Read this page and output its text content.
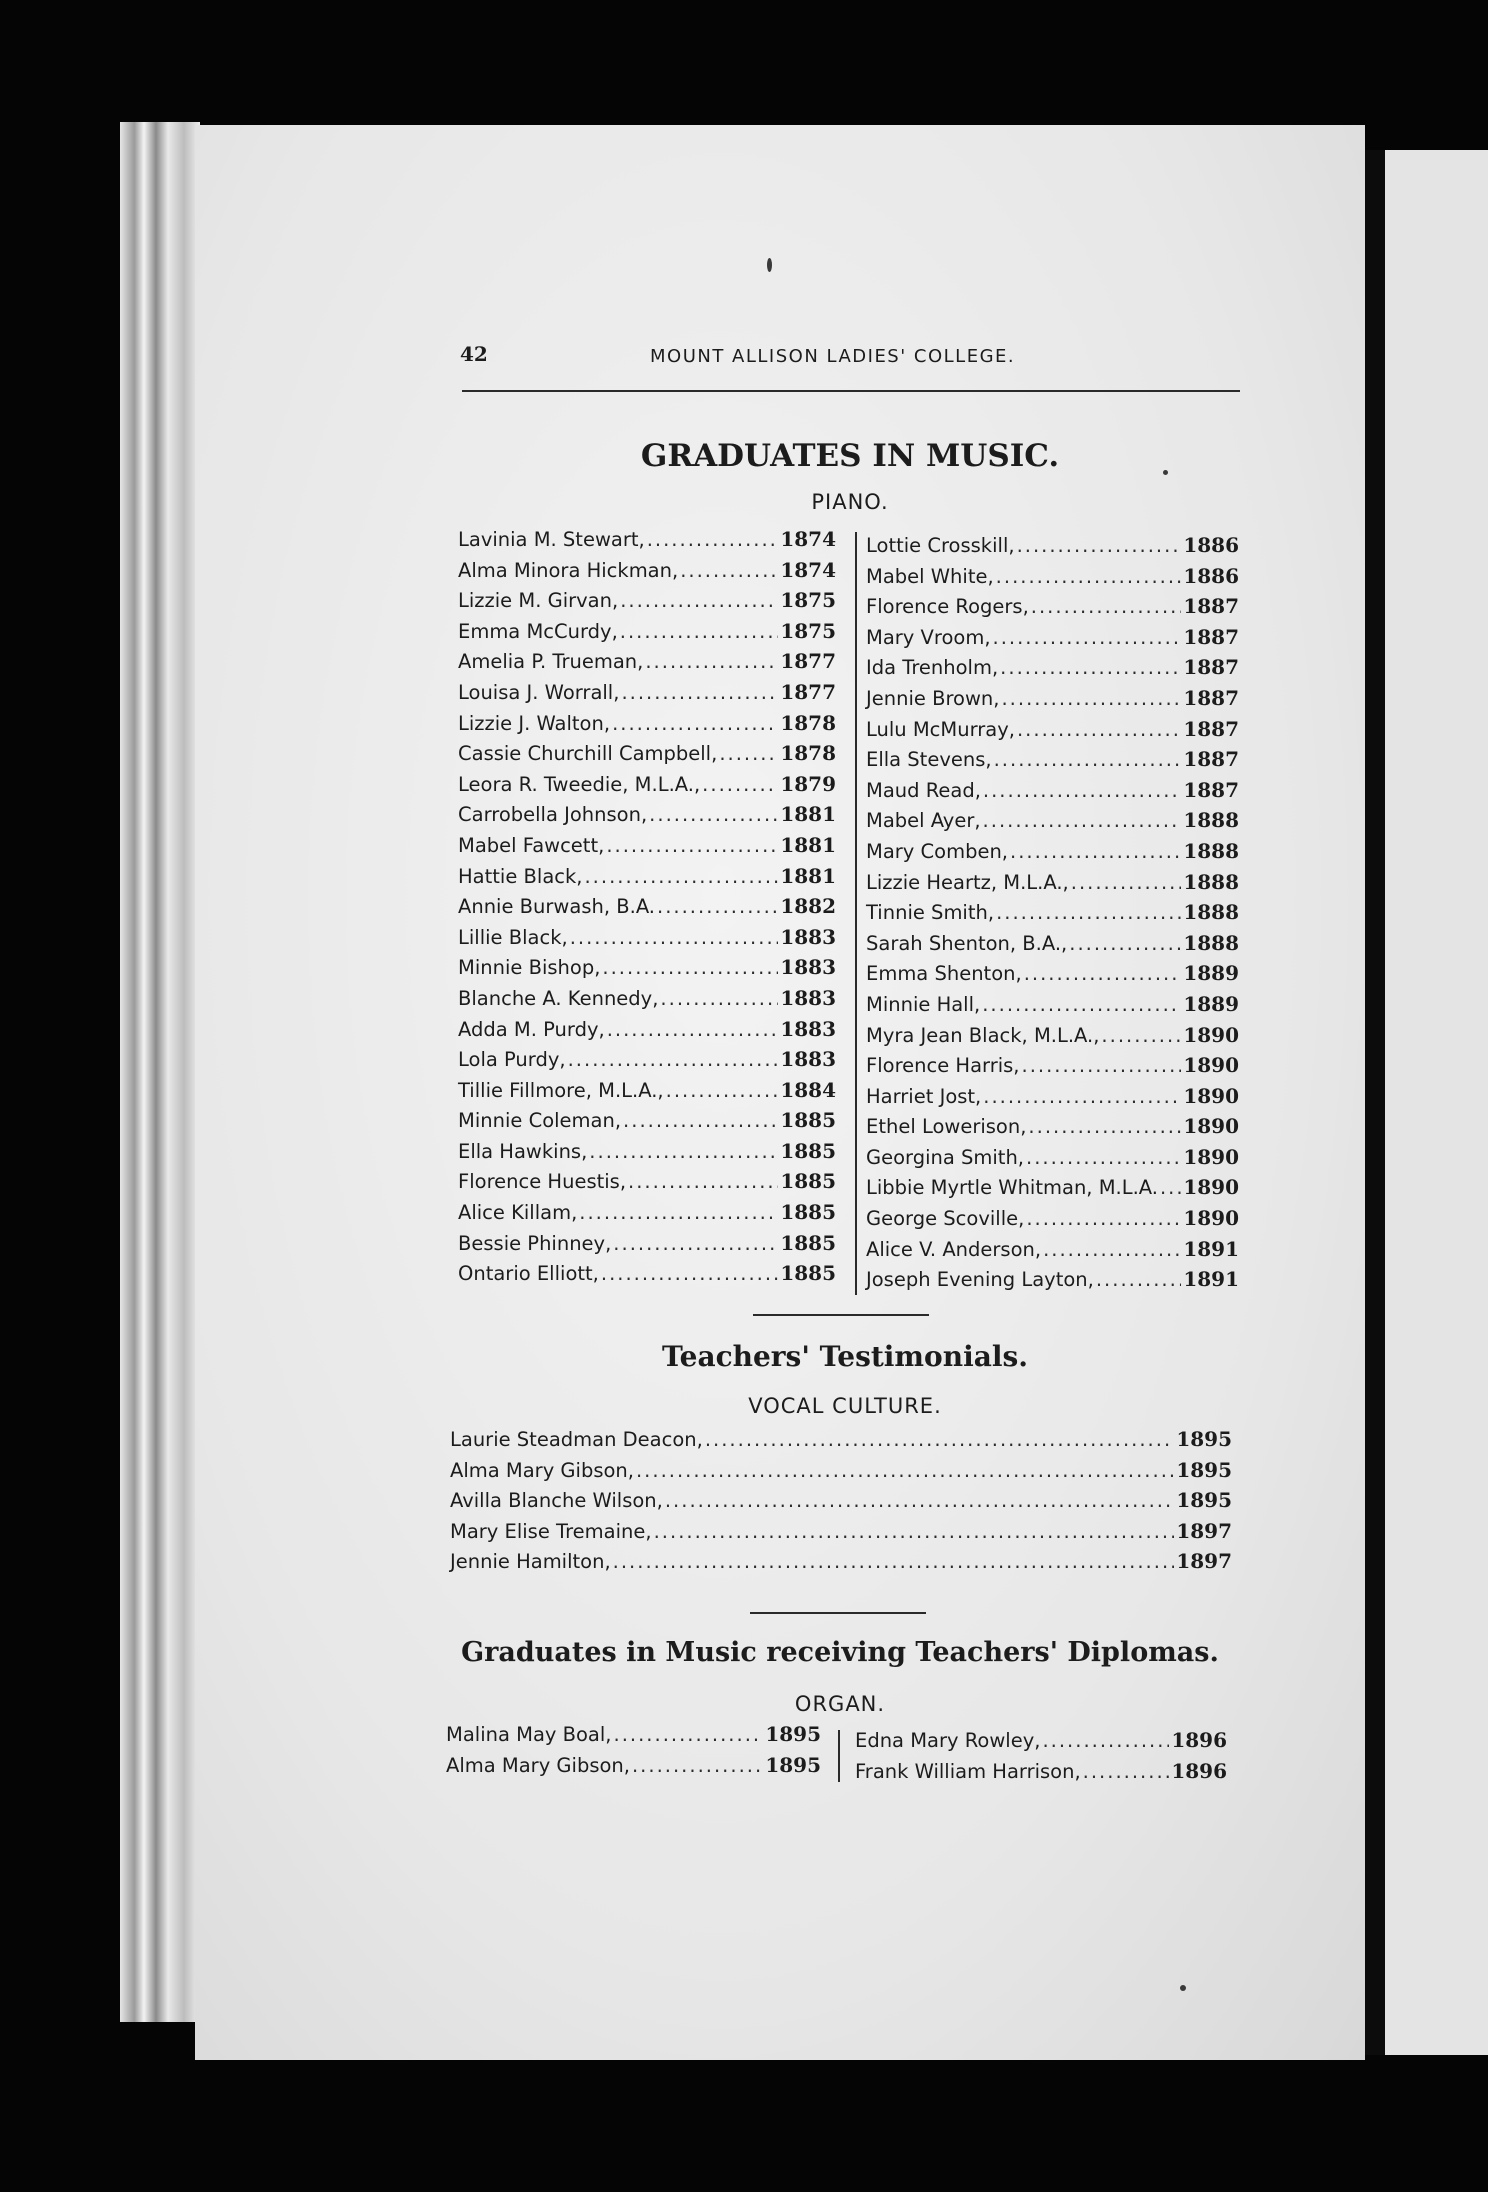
42	MOUNT ALLISON LADIES' COLLEGE.
GRADUATES IN MUSIC.
PIANO.
Lavinia M. Stewart, .....	1874
Alma Minora Hickman, .....	1874
Lizzie M. Girvan, .....	1875
Emma McCurdy, .....	1875
Amelia P. Trueman, .....	1877
Louisa J. Worrall, .....	1877
Lizzie J. Walton, .....	1878
Cassie Churchill Campbell, .....	1878
Leora R. Tweedie, M.L.A., .....	1879
Carrobella Johnson, .....	1881
Mabel Fawcett, .....	1881
Hattie Black, .....	1881
Annie Burwash, B.A. .....	1882
Lillie Black, .....	1883
Minnie Bishop, .....	1883
Blanche A. Kennedy, .....	1883
Adda M. Purdy, .....	1883
Lola Purdy, .....	1883
Tillie Fillmore, M.L.A., .....	1884
Minnie Coleman, .....	1885
Ella Hawkins, .....	1885
Florence Huestis, .....	1885
Alice Killam, .....	1885
Bessie Phinney, .....	1885
Ontario Elliott, .....	1885
Lottie Crosskill, .....	1886
Mabel White, .....	1886
Florence Rogers, .....	1887
Mary Vroom, .....	1887
Ida Trenholm, .....	1887
Jennie Brown, .....	1887
Lulu McMurray, .....	1887
Ella Stevens, .....	1887
Maud Read, .....	1887
Mabel Ayer, .....	1888
Mary Comben, .....	1888
Lizzie Heartz, M.L.A., .....	1888
Tinnie Smith, .....	1888
Sarah Shenton, B.A., .....	1888
Emma Shenton, .....	1889
Minnie Hall, .....	1889
Myra Jean Black, M.L.A., .....	1890
Florence Harris, .....	1890
Harriet Jost, .....	1890
Ethel Lowerison, .....	1890
Georgina Smith, .....	1890
Libbie Myrtle Whitman, M.L.A. ..... 1890
George Scoville, .....	1890
Alice V. Anderson, .....	1891
Joseph Evening Layton, .....	1891
Teachers' Testimonials.
VOCAL CULTURE.
Laurie Steadman Deacon, .....	1895
Alma Mary Gibson, .....	1895
Avilla Blanche Wilson, .....	1895
Mary Elise Tremaine, .....	1897
Jennie Hamilton, .....	1897
Graduates in Music receiving Teachers' Diplomas.
ORGAN.
Malina May Boal, .....	1895
Alma Mary Gibson, .....	1895
Edna Mary Rowley, .....	1896
Frank William Harrison, .....	1896
